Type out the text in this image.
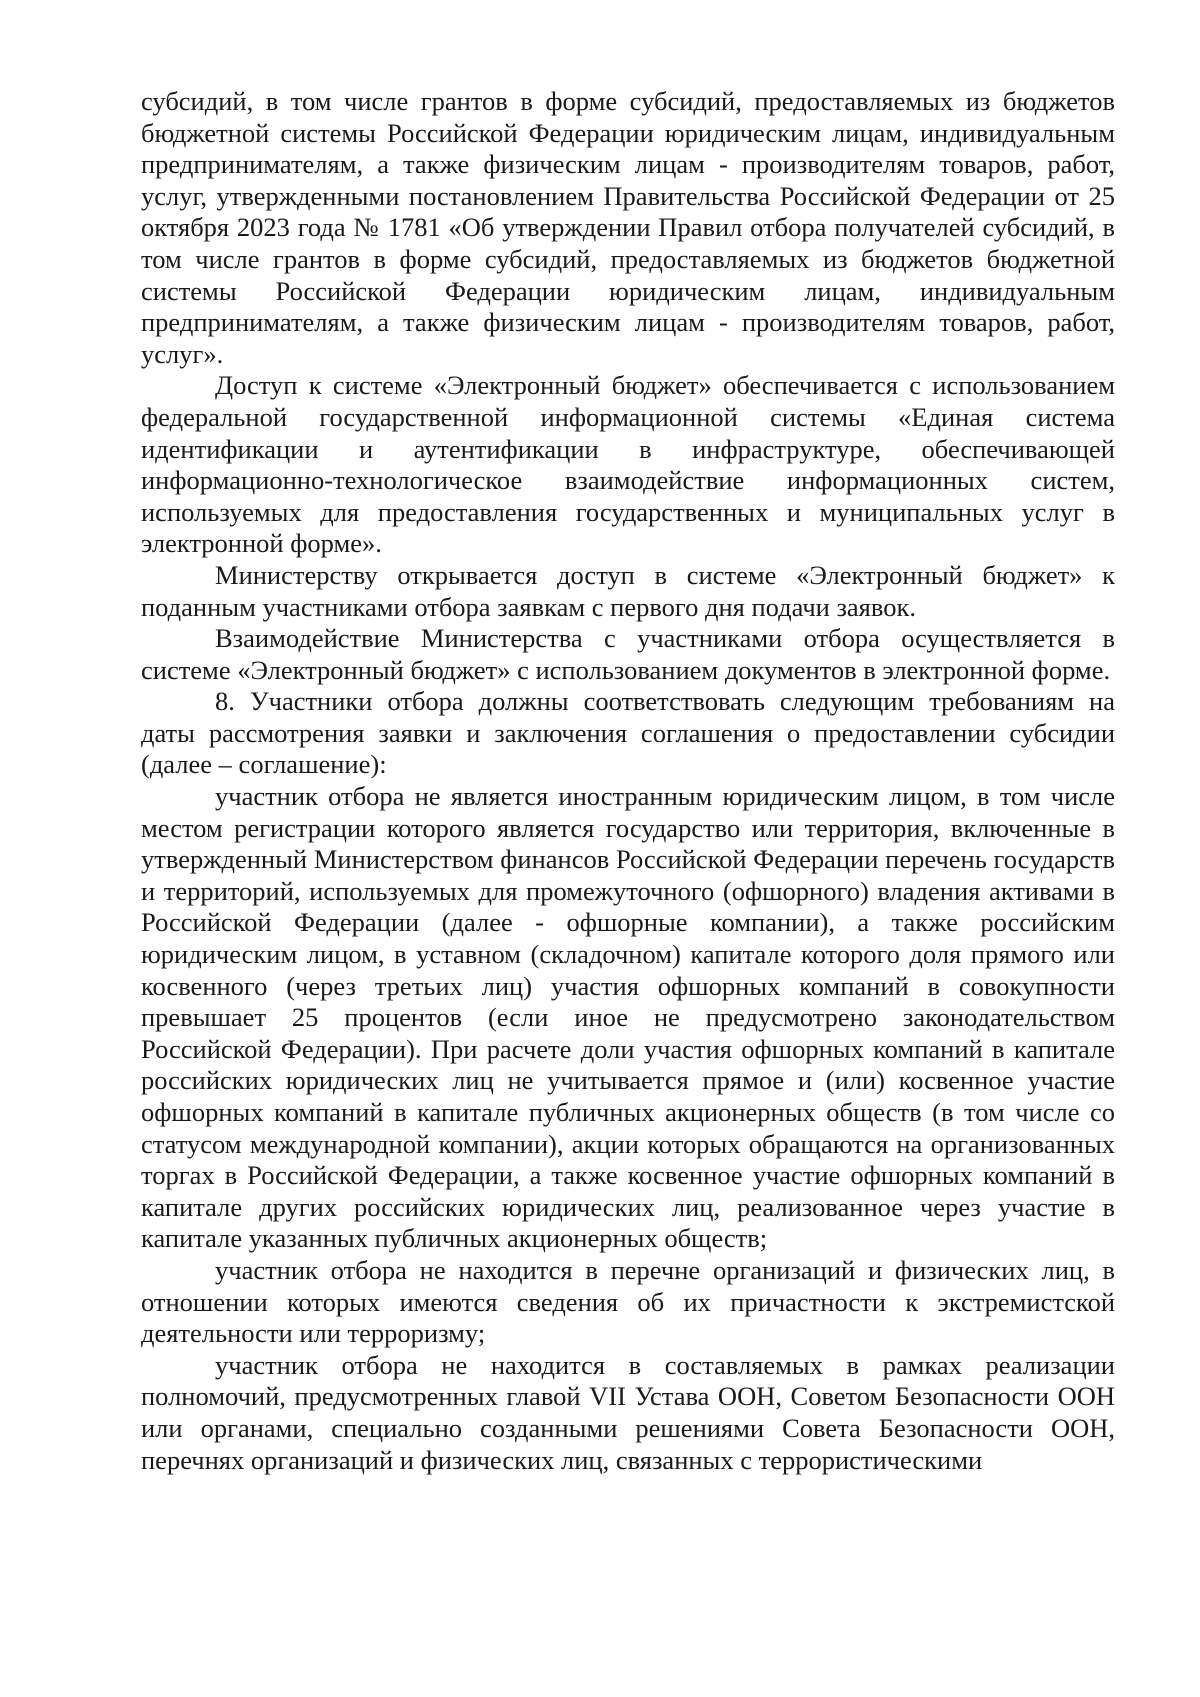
субсидий, в том числе грантов в форме субсидий, предоставляемых из бюджетов бюджетной системы Российской Федерации юридическим лицам, индивидуальным предпринимателям, а также физическим лицам - производителям товаров, работ, услуг, утвержденными постановлением Правительства Российской Федерации от 25 октября 2023 года № 1781 «Об утверждении Правил отбора получателей субсидий, в том числе грантов в форме субсидий, предоставляемых из бюджетов бюджетной системы Российской Федерации юридическим лицам, индивидуальным предпринимателям, а также физическим лицам - производителям товаров, работ, услуг».

Доступ к системе «Электронный бюджет» обеспечивается с использованием федеральной государственной информационной системы «Единая система идентификации и аутентификации в инфраструктуре, обеспечивающей информационно-технологическое взаимодействие информационных систем, используемых для предоставления государственных и муниципальных услуг в электронной форме».

Министерству открывается доступ в системе «Электронный бюджет» к поданным участниками отбора заявкам с первого дня подачи заявок.

Взаимодействие Министерства с участниками отбора осуществляется в системе «Электронный бюджет» с использованием документов в электронной форме.

8. Участники отбора должны соответствовать следующим требованиям на даты рассмотрения заявки и заключения соглашения о предоставлении субсидии (далее – соглашение):

участник отбора не является иностранным юридическим лицом, в том числе местом регистрации которого является государство или территория, включенные в утвержденный Министерством финансов Российской Федерации перечень государств и территорий, используемых для промежуточного (офшорного) владения активами в Российской Федерации (далее - офшорные компании), а также российским юридическим лицом, в уставном (складочном) капитале которого доля прямого или косвенного (через третьих лиц) участия офшорных компаний в совокупности превышает 25 процентов (если иное не предусмотрено законодательством Российской Федерации). При расчете доли участия офшорных компаний в капитале российских юридических лиц не учитывается прямое и (или) косвенное участие офшорных компаний в капитале публичных акционерных обществ (в том числе со статусом международной компании), акции которых обращаются на организованных торгах в Российской Федерации, а также косвенное участие офшорных компаний в капитале других российских юридических лиц, реализованное через участие в капитале указанных публичных акционерных обществ;

участник отбора не находится в перечне организаций и физических лиц, в отношении которых имеются сведения об их причастности к экстремистской деятельности или терроризму;

участник отбора не находится в составляемых в рамках реализации полномочий, предусмотренных главой VII Устава ООН, Советом Безопасности ООН или органами, специально созданными решениями Совета Безопасности ООН, перечнях организаций и физических лиц, связанных с террористическими
